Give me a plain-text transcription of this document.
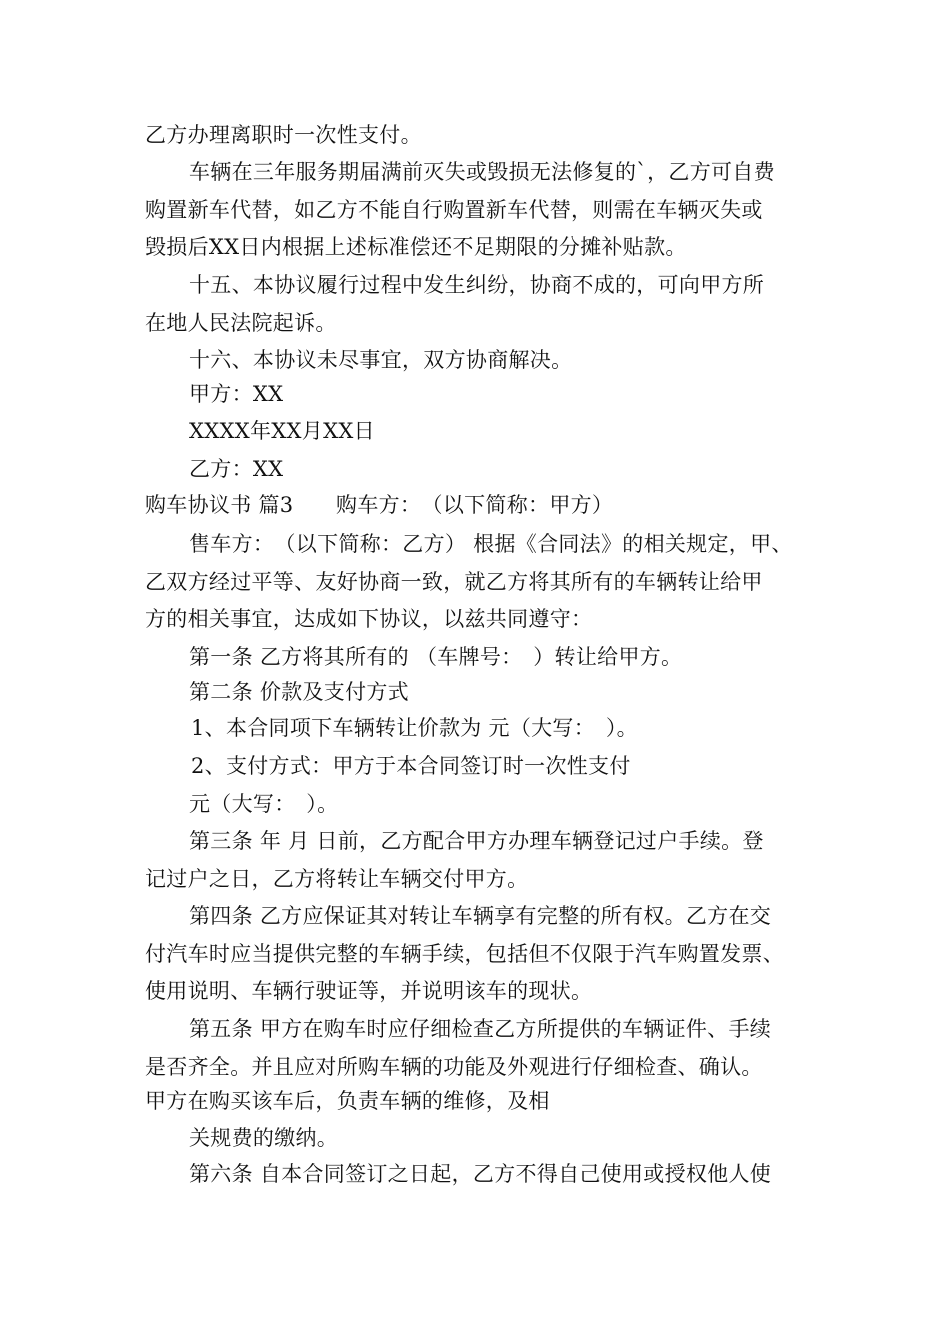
乙方办理离职时一次性支付。
车辆在三年服务期届满前灭失或毁损无法修复的`，乙方可自费
购置新车代替，如乙方不能自行购置新车代替，则需在车辆灭失或
毁损后XX日内根据上述标准偿还不足期限的分摊补贴款。
十五、本协议履行过程中发生纠纷，协商不成的，可向甲方所
在地人民法院起诉。
十六、本协议未尽事宜，双方协商解决。
甲方：XX
XXXX年XX月XX日
乙方：XX
购车协议书 篇3　　购车方：　（以下简称：甲方）
售车方：　（以下简称：乙方） 根据《合同法》的相关规定，甲、
乙双方经过平等、友好协商一致，就乙方将其所有的车辆转让给甲
方的相关事宜，达成如下协议，以兹共同遵守：
第一条 乙方将其所有的 （车牌号：　）转让给甲方。
第二条 价款及支付方式
1、本合同项下车辆转让价款为 元（大写：　）。
2、支付方式：甲方于本合同签订时一次性支付
元（大写：　）。
第三条 年 月 日前，乙方配合甲方办理车辆登记过户手续。登
记过户之日，乙方将转让车辆交付甲方。
第四条 乙方应保证其对转让车辆享有完整的所有权。乙方在交
付汽车时应当提供完整的车辆手续，包括但不仅限于汽车购置发票、
使用说明、车辆行驶证等，并说明该车的现状。
第五条 甲方在购车时应仔细检查乙方所提供的车辆证件、手续
是否齐全。并且应对所购车辆的功能及外观进行仔细检查、确认。
甲方在购买该车后，负责车辆的维修，及相
关规费的缴纳。
第六条 自本合同签订之日起，乙方不得自己使用或授权他人使
